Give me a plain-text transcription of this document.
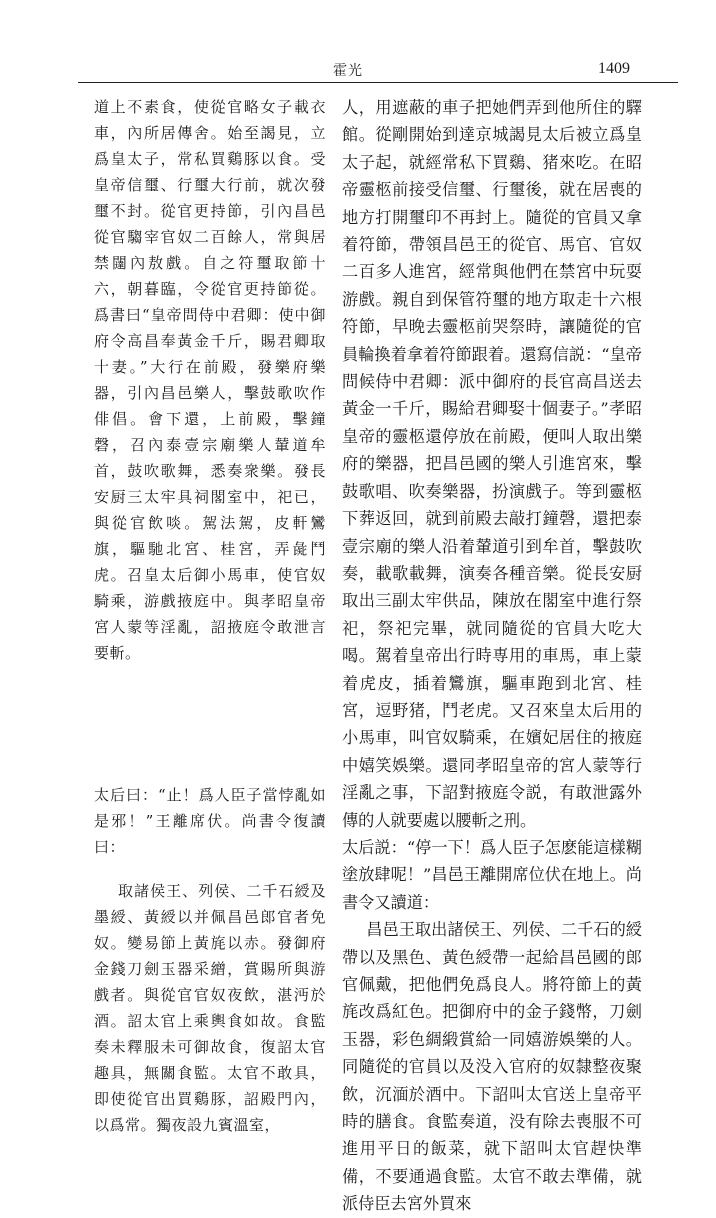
霍光	1409

道上不素食，使從官略女子載衣車，內所居傳舍。始至謁見，立爲皇太子，常私買鷄豚以食。受皇帝信璽、行璽大行前，就次發璽不封。從官更持節，引內昌邑從官騶宰官奴二百餘人，常與居禁闥內敖戲。自之符璽取節十六，朝暮臨，令從官更持節從。爲書曰“皇帝問侍中君卿：使中御府令高昌奉黃金千斤，賜君卿取十妻。”大行在前殿，發樂府樂器，引內昌邑樂人，擊鼓歌吹作俳倡。會下還，上前殿，擊鐘磬，召內泰壹宗廟樂人輦道牟首，鼓吹歌舞，悉奏衆樂。發長安厨三太牢具祠閣室中，祀已，與從官飲啖。駕法駕，皮軒鸞旗，驅馳北宮、桂宮，弄彘鬥虎。召皇太后御小馬車，使官奴騎乘，游戲掖庭中。與孝昭皇帝宮人蒙等淫亂，詔掖庭令敢泄言要斬。

太后曰：“止！爲人臣子當悖亂如是邪！”王離席伏。尚書令復讀曰：

取諸侯王、列侯、二千石綬及墨綬、黃綬以并佩昌邑郎官者免奴。變易節上黃旄以赤。發御府金錢刀劍玉器采繒，賞賜所與游戲者。與從官官奴夜飲，湛沔於酒。詔太官上乘輿食如故。食監奏未釋服未可御故食，復詔太官趣具，無關食監。太官不敢具，即使從官出買鷄豚，詔殿門內，以爲常。獨夜設九賓溫室，

人，用遮蔽的車子把她們弄到他所住的驛館。從剛開始到達京城謁見太后被立爲皇太子起，就經常私下買鷄、猪來吃。在昭帝靈柩前接受信璽、行璽後，就在居喪的地方打開璽印不再封上。隨從的官員又拿着符節，帶領昌邑王的從官、馬官、官奴二百多人進宮，經常與他們在禁宮中玩耍游戲。親自到保管符璽的地方取走十六根符節，早晚去靈柩前哭祭時，讓隨從的官員輪換着拿着符節跟着。還寫信説：“皇帝問候侍中君卿：派中御府的長官高昌送去黃金一千斤，賜給君卿娶十個妻子。”孝昭皇帝的靈柩還停放在前殿，便叫人取出樂府的樂器，把昌邑國的樂人引進宮來，擊鼓歌唱、吹奏樂器，扮演戲子。等到靈柩下葬返回，就到前殿去敲打鐘磬，還把泰壹宗廟的樂人沿着輦道引到牟首，擊鼓吹奏，載歌載舞，演奏各種音樂。從長安厨取出三副太牢供品，陳放在閣室中進行祭祀，祭祀完畢，就同隨從的官員大吃大喝。駕着皇帝出行時専用的車馬，車上蒙着虎皮，插着鸞旗，驅車跑到北宮、桂宮，逗野猪，鬥老虎。又召來皇太后用的小馬車，叫官奴騎乘，在嬪妃居住的掖庭中嬉笑娛樂。還同孝昭皇帝的宮人蒙等行淫亂之事，下詔對掖庭令説，有敢泄露外傳的人就要處以腰斬之刑。

太后説：“停一下！爲人臣子怎麽能這樣糊塗放肆呢！”昌邑王離開席位伏在地上。尚書令又讀道：

昌邑王取出諸侯王、列侯、二千石的綬帶以及黑色、黃色綬帶一起給昌邑國的郎官佩戴，把他們免爲良人。將符節上的黃旄改爲紅色。把御府中的金子錢幣，刀劍玉器，彩色綢緞賞給一同嬉游娛樂的人。同隨從的官員以及没入官府的奴隸整夜聚飲，沉湎於酒中。下詔叫太官送上皇帝平時的膳食。食監奏道，没有除去喪服不可進用平日的飯菜，就下詔叫太官趕快準備，不要通過食監。太官不敢去準備，就派侍臣去宮外買來
